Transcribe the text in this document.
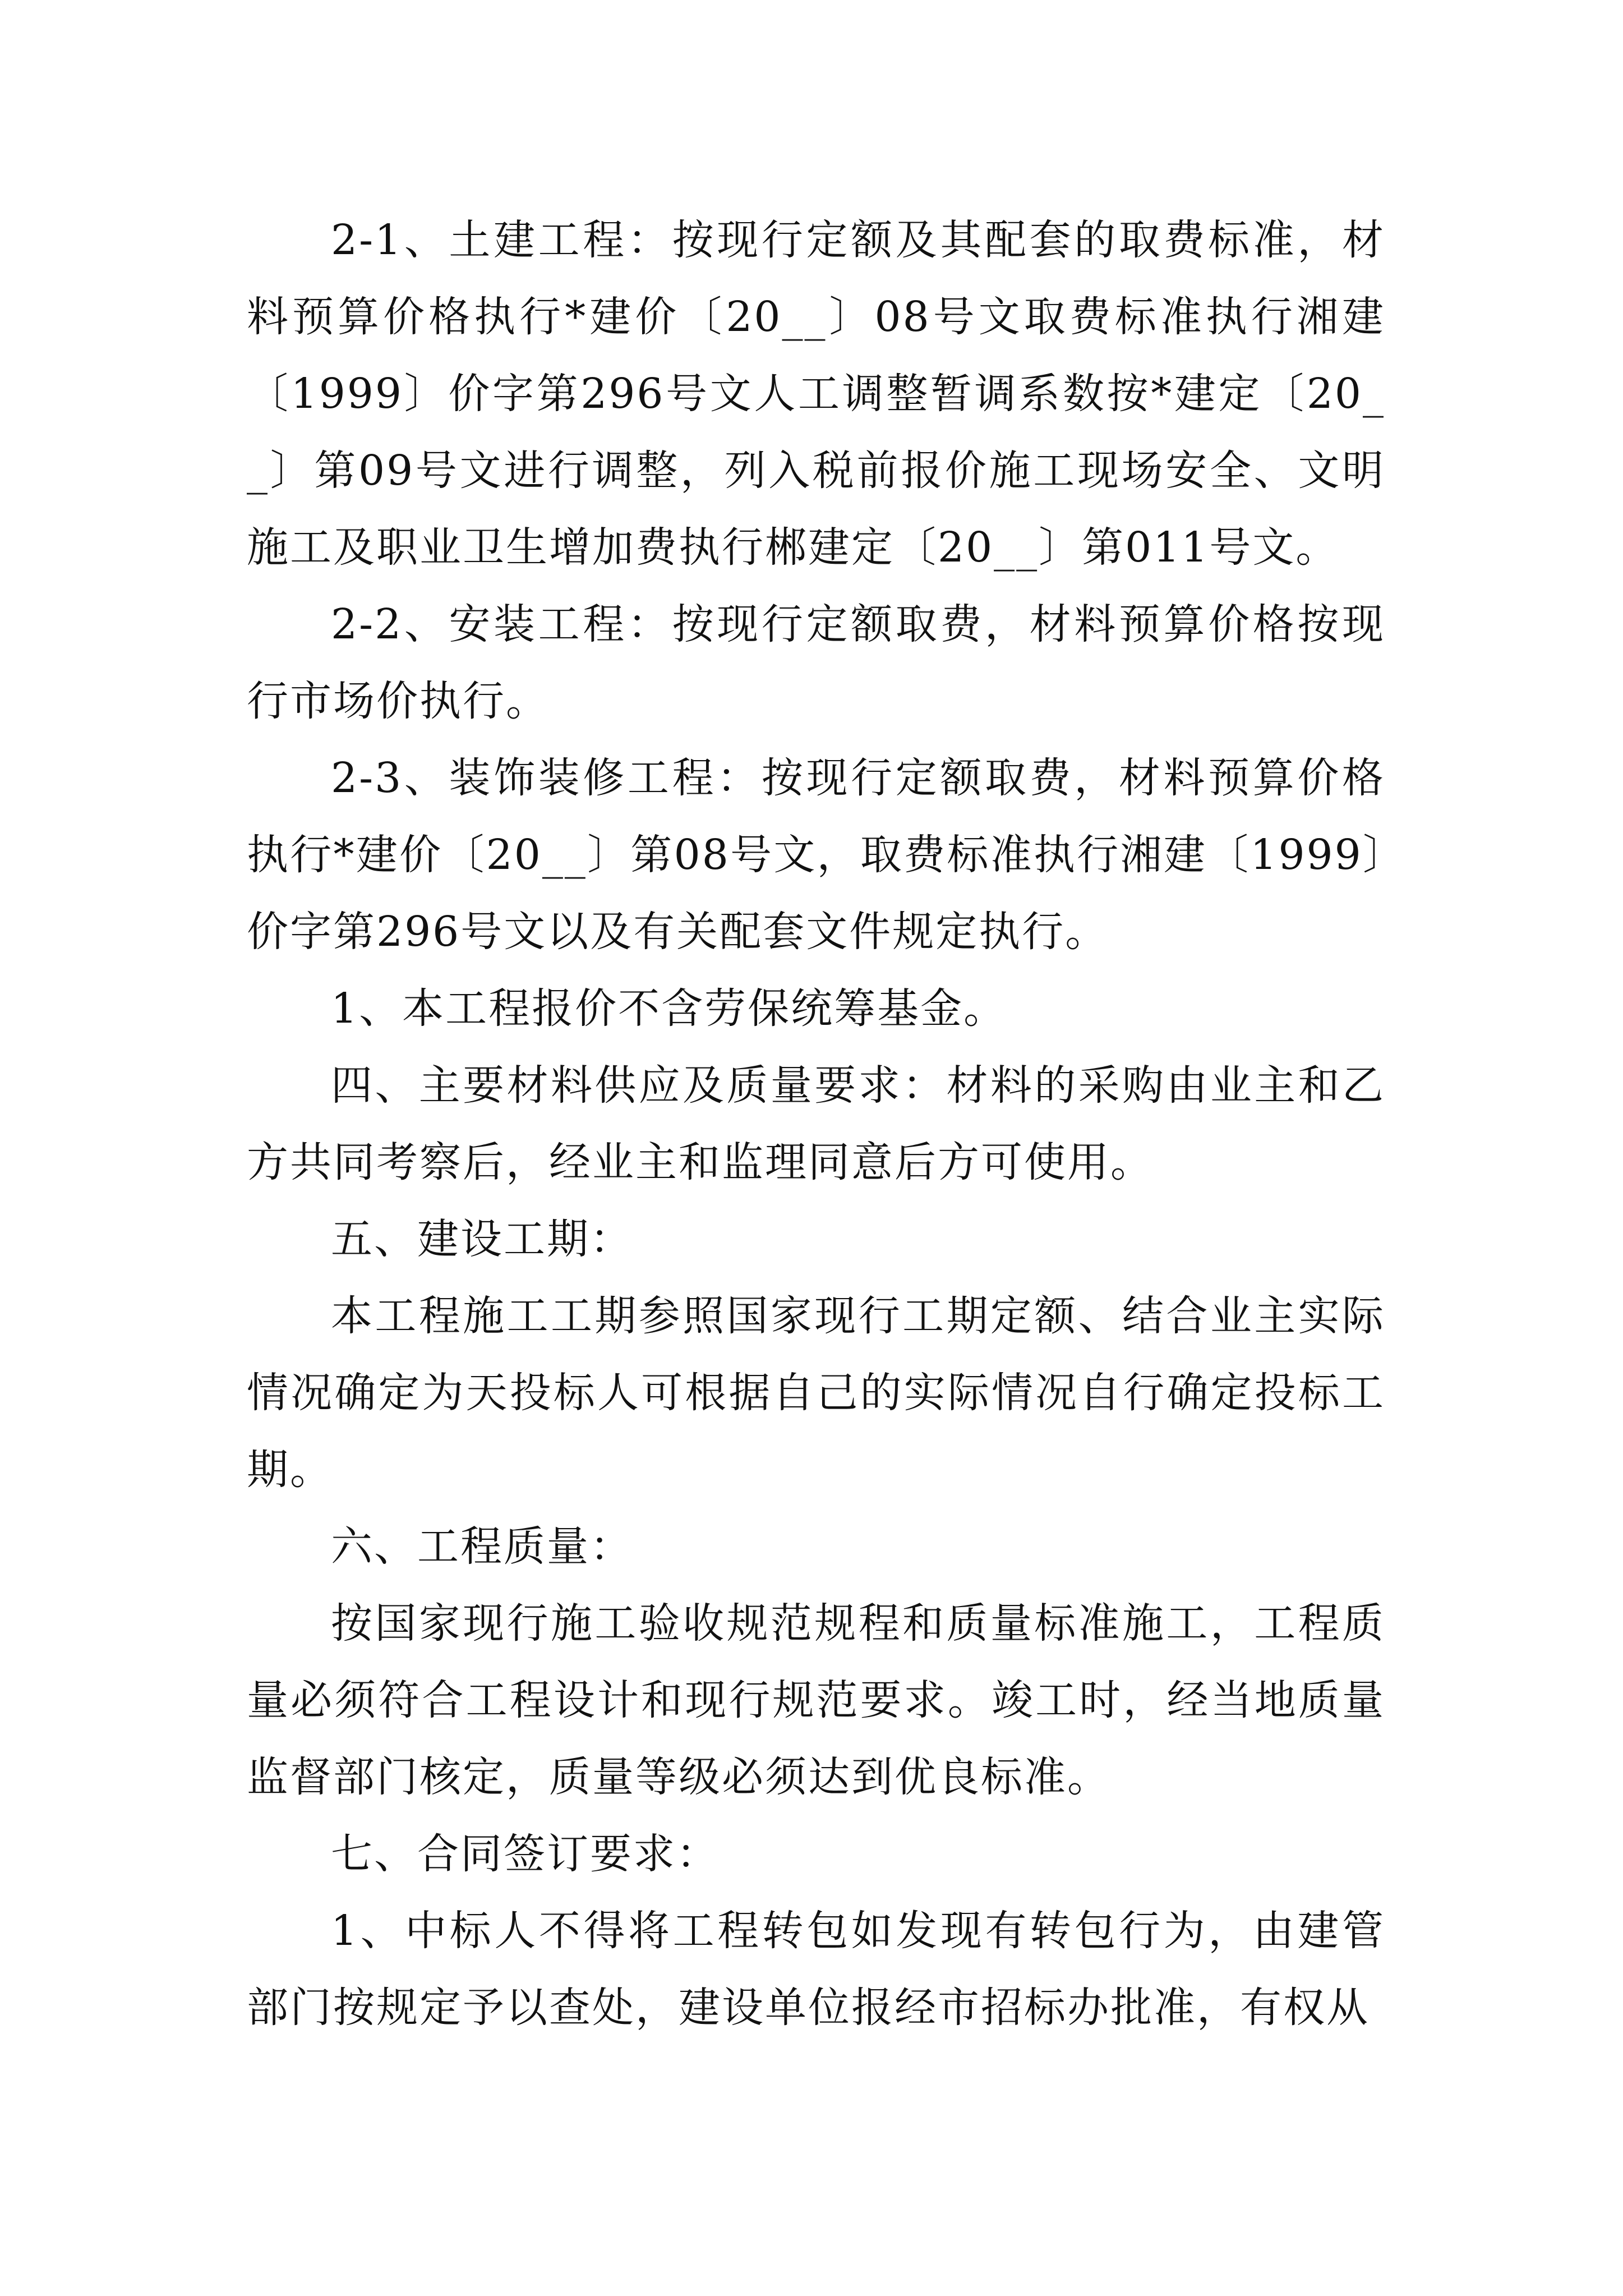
2-1、土建工程：按现行定额及其配套的取费标准，材料预算价格执行*建价〔20__〕08号文取费标准执行湘建〔1999〕价字第296号文人工调整暂调系数按*建定〔20__〕第09号文进行调整，列入税前报价施工现场安全、文明施工及职业卫生增加费执行郴建定〔20__〕第011号文。

2-2、安装工程：按现行定额取费，材料预算价格按现行市场价执行。

2-3、装饰装修工程：按现行定额取费，材料预算价格执行*建价〔20__〕第08号文，取费标准执行湘建〔1999〕价字第296号文以及有关配套文件规定执行。

1、本工程报价不含劳保统筹基金。

四、主要材料供应及质量要求：材料的采购由业主和乙方共同考察后，经业主和监理同意后方可使用。

五、建设工期：

本工程施工工期参照国家现行工期定额、结合业主实际情况确定为天投标人可根据自己的实际情况自行确定投标工期。

六、工程质量：

按国家现行施工验收规范规程和质量标准施工，工程质量必须符合工程设计和现行规范要求。竣工时，经当地质量监督部门核定，质量等级必须达到优良标准。

七、合同签订要求：

1、中标人不得将工程转包如发现有转包行为，由建管部门按规定予以查处，建设单位报经市招标办批准，有权从
